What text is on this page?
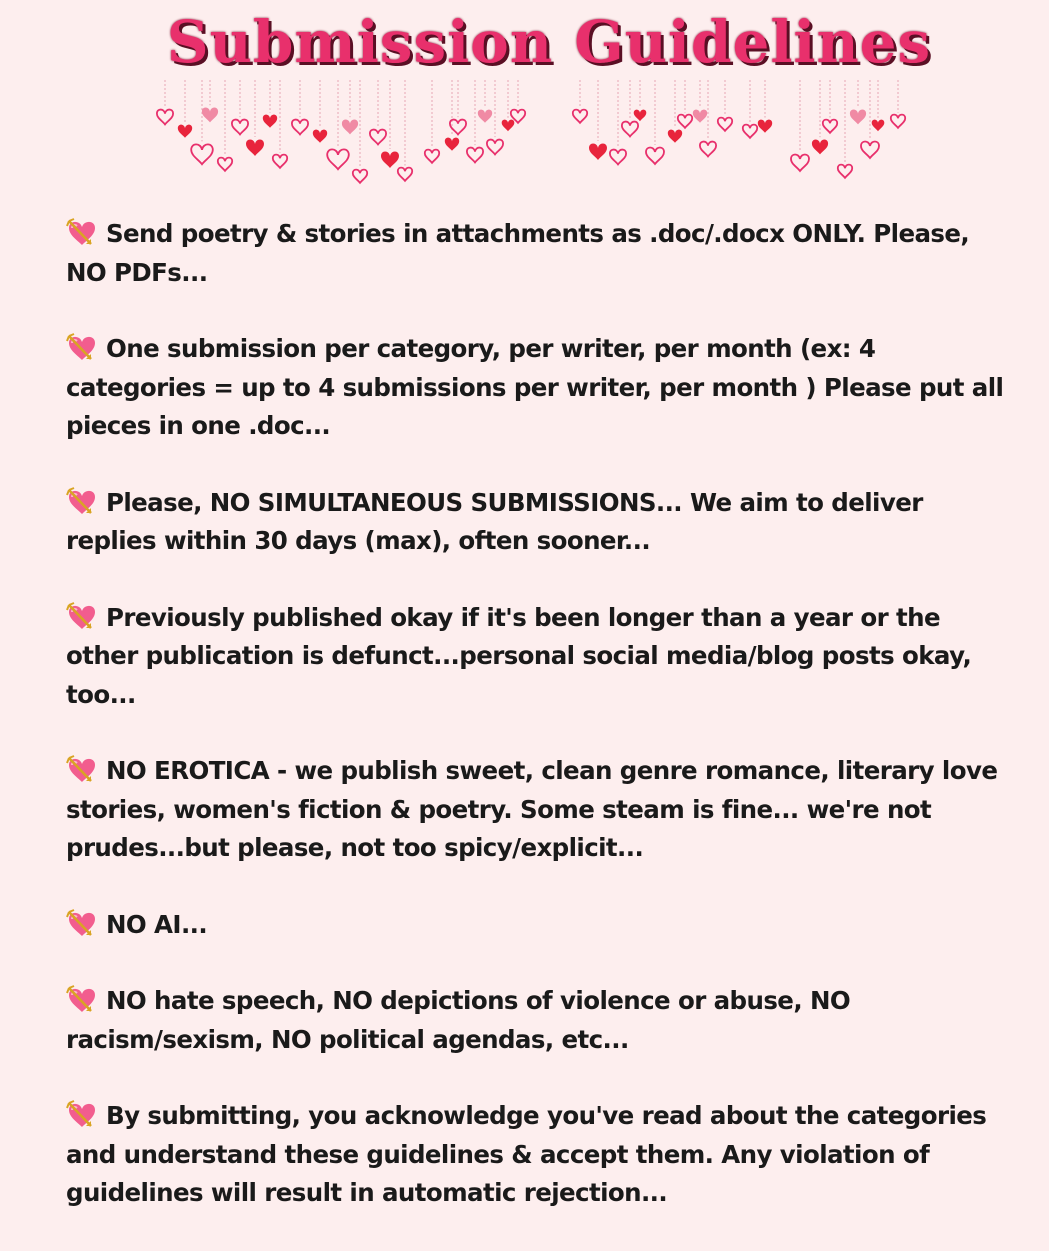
Submission Guidelines
Send poetry & stories in attachments as .doc/.docx ONLY. Please, NO PDFs...
One submission per category, per writer, per month (ex: 4 categories = up to 4 submissions per writer, per month ) Please put all pieces in one .doc...
Please, NO SIMULTANEOUS SUBMISSIONS... We aim to deliver replies within 30 days (max), often sooner...
Previously published okay if it's been longer than a year or the other publication is defunct...personal social media/blog posts okay, too...
NO EROTICA - we publish sweet, clean genre romance, literary love stories, women's fiction & poetry. Some steam is fine... we're not prudes...but please, not too spicy/explicit...
NO AI...
NO hate speech, NO depictions of violence or abuse, NO racism/sexism, NO political agendas, etc...
By submitting, you acknowledge you've read about the categories and understand these guidelines & accept them. Any violation of guidelines will result in automatic rejection...
